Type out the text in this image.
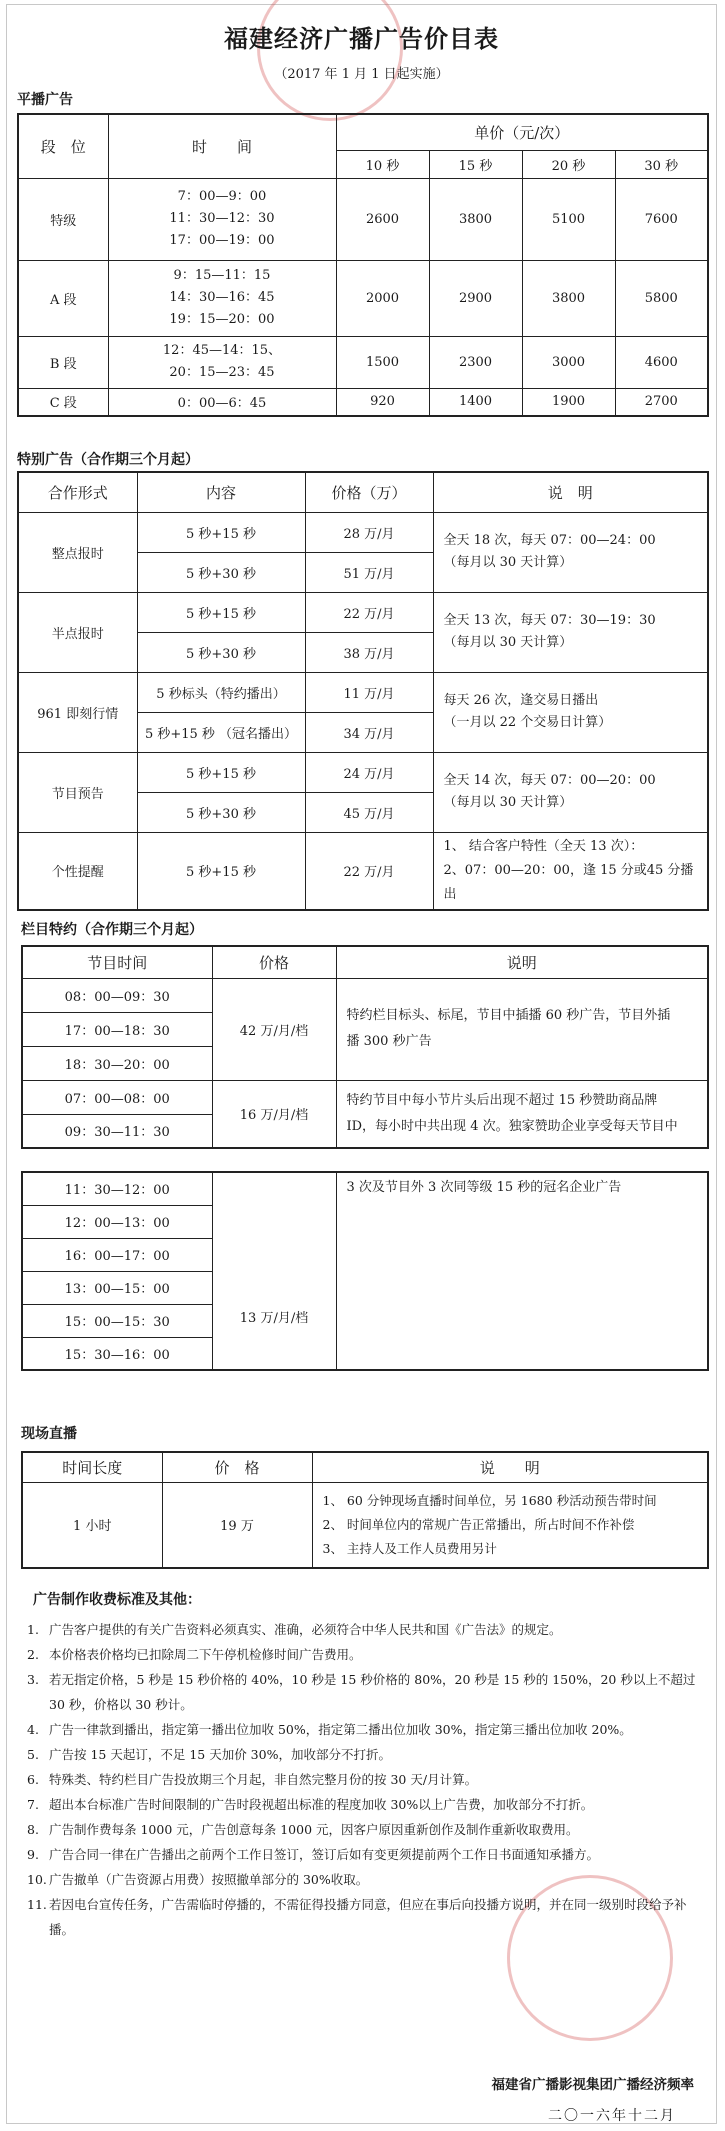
福建经济广播广告价目表
（2017 年 1 月 1 日起实施）
平播广告
段　位	时　　间	单价（元/次）			
		10 秒	15 秒	20 秒	30 秒
特级	7：00—9：00
11：30—12：30
17：00—19：00	2600	3800	5100	7600
A 段	9：15—11：15
14：30—16：45
19：15—20：00	2000	2900	3800	5800
B 段	12：45—14：15、
20：15—23：45	1500	2300	3000	4600
C 段	0：00—6：45	920	1400	1900	2700
特别广告（合作期三个月起）
合作形式	内容	价格（万）	说　明
整点报时	5 秒+15 秒	28 万/月	全天 18 次，每天 07：00—24：00
（每月以 30 天计算）

	5 秒+30 秒	51 万/月	
半点报时	5 秒+15 秒	22 万/月	全天 13 次，每天 07：30—19：30
（每月以 30 天计算）

	5 秒+30 秒	38 万/月	
961 即刻行情	5 秒标头（特约播出）	11 万/月	每天 26 次，逢交易日播出
（一月以 22 个交易日计算）

	5 秒+15 秒 （冠名播出）	34 万/月	
节目预告	5 秒+15 秒	24 万/月	全天 14 次，每天 07：00—20：00
（每月以 30 天计算）

	5 秒+30 秒	45 万/月	
个性提醒	5 秒+15 秒	22 万/月	1、 结合客户特性（全天 13 次）：
2、07：00—20：00，逢 15 分或45 分播
出
栏目特约（合作期三个月起）
节目时间	价格	说明
08：00—09：30	42 万/月/档	特约栏目标头、标尾，节目中插播 60 秒广告，节目外插
播 300 秒广告

17：00—18：30		
18：30—20：00		
07：00—08：00	16 万/月/档	特约节目中每小节片头后出现不超过 15 秒赞助商品牌
ID，每小时中共出现 4 次。独家赞助企业享受每天节目中

09：30—11：30		
11：30—12：00	13 万/月/档	
3 次及节目外 3 次同等级 15 秒的冠名企业广告

12：00—13：00
16：00—17：00
13：00—15：00
15：00—15：30
15：30—16：00
现场直播
时间长度	价　格	说　　明
1 小时	19 万	1、 60 分钟现场直播时间单位，另 1680 秒活动预告带时间
2、 时间单位内的常规广告正常播出，所占时间不作补偿
3、 主持人及工作人员费用另计
广告制作收费标准及其他：
1. 广告客户提供的有关广告资料必须真实、准确，必须符合中华人民共和国《广告法》的规定。
2. 本价格表价格均已扣除周二下午停机检修时间广告费用。
3. 若无指定价格，5 秒是 15 秒价格的 40%，10 秒是 15 秒价格的 80%，20 秒是 15 秒的 150%，20 秒以上不超过 30 秒，价格以 30 秒计。
4. 广告一律款到播出，指定第一播出位加收 50%，指定第二播出位加收 30%，指定第三播出位加收 20%。
5. 广告按 15 天起订，不足 15 天加价 30%，加收部分不打折。
6. 特殊类、特约栏目广告投放期三个月起，非自然完整月份的按 30 天/月计算。
7. 超出本台标准广告时间限制的广告时段视超出标准的程度加收 30%以上广告费，加收部分不打折。
8. 广告制作费每条 1000 元，广告创意每条 1000 元，因客户原因重新创作及制作重新收取费用。
9. 广告合同一律在广告播出之前两个工作日签订，签订后如有变更须提前两个工作日书面通知承播方。
10. 广告撤单（广告资源占用费）按照撤单部分的 30%收取。
11. 若因电台宣传任务，广告需临时停播的，不需征得投播方同意，但应在事后向投播方说明，并在同一级别时段给予补播。
福建省广播影视集团广播经济频率
二〇一六年十二月
